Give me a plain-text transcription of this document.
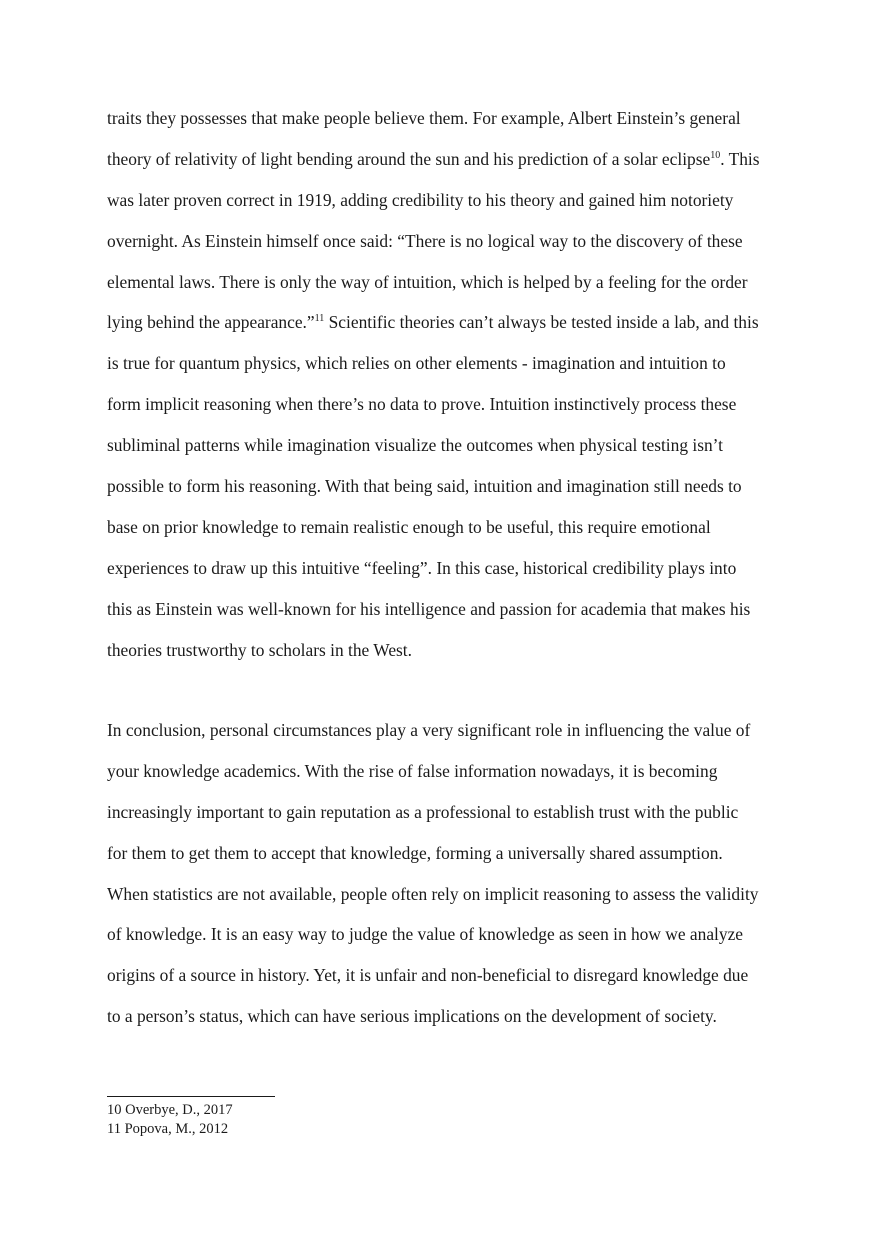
traits they possesses that make people believe them. For example, Albert Einstein’s general
theory of relativity of light bending around the sun and his prediction of a solar eclipse$^{10}$. This
was later proven correct in 1919, adding credibility to his theory and gained him notoriety
overnight. As Einstein himself once said: “There is no logical way to the discovery of these
elemental laws. There is only the way of intuition, which is helped by a feeling for the order
lying behind the appearance.”$^{11}$ Scientific theories can’t always be tested inside a lab, and this
is true for quantum physics, which relies on other elements - imagination and intuition to
form implicit reasoning when there’s no data to prove. Intuition instinctively process these
subliminal patterns while imagination visualize the outcomes when physical testing isn’t
possible to form his reasoning. With that being said, intuition and imagination still needs to
base on prior knowledge to remain realistic enough to be useful, this require emotional
experiences to draw up this intuitive “feeling”. In this case, historical credibility plays into
this as Einstein was well-known for his intelligence and passion for academia that makes his
theories trustworthy to scholars in the West.

In conclusion, personal circumstances play a very significant role in influencing the value of
your knowledge academics. With the rise of false information nowadays, it is becoming
increasingly important to gain reputation as a professional to establish trust with the public
for them to get them to accept that knowledge, forming a universally shared assumption.
When statistics are not available, people often rely on implicit reasoning to assess the validity
of knowledge. It is an easy way to judge the value of knowledge as seen in how we analyze
origins of a source in history. Yet, it is unfair and non-beneficial to disregard knowledge due
to a person’s status, which can have serious implications on the development of society.

10 Overbye, D., 2017
11 Popova, M., 2012
